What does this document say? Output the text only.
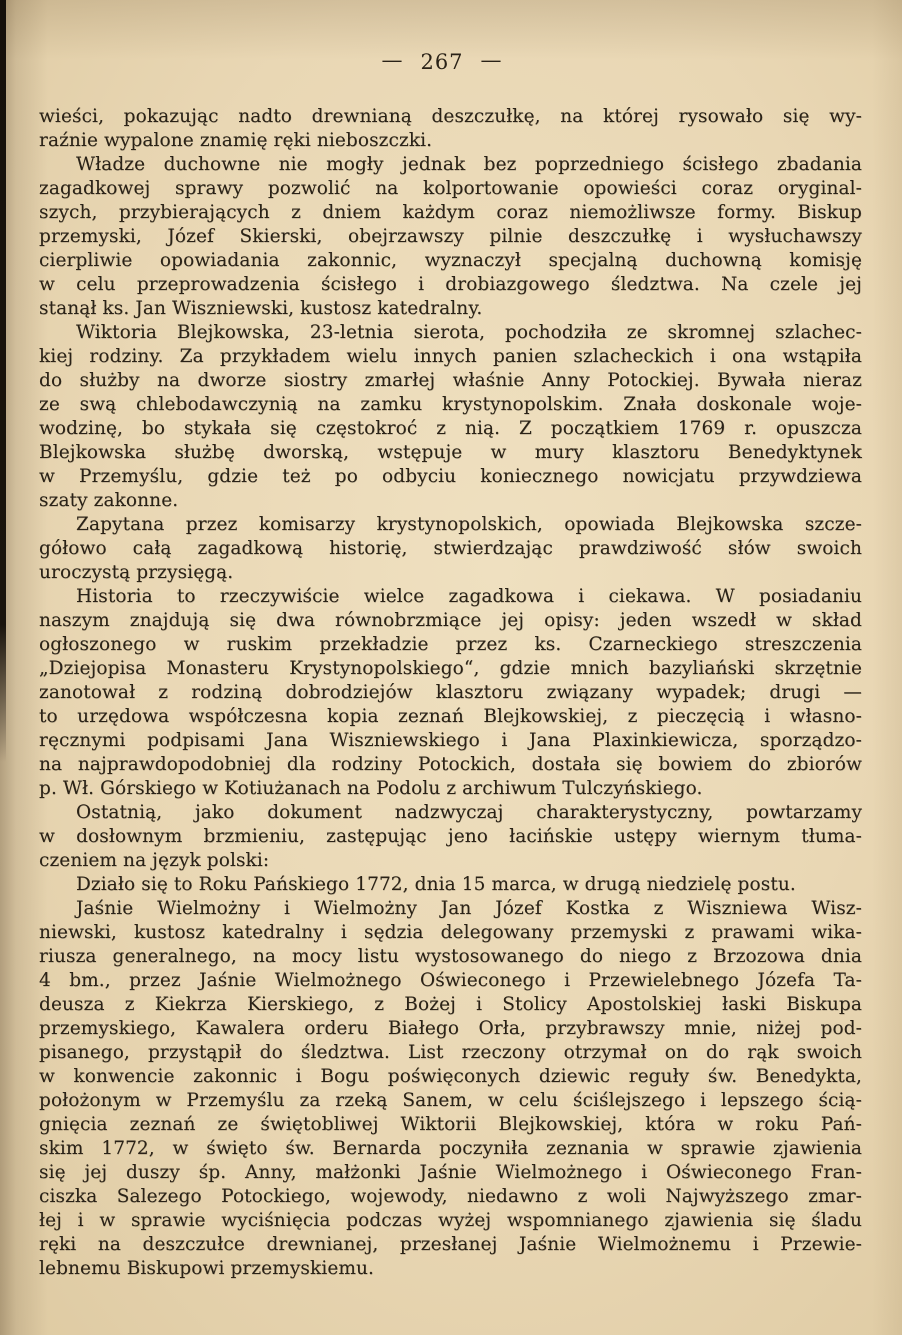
— 267 —
wieści, pokazując nadto drewnianą deszczułkę, na której rysowało się wy-
raźnie wypalone znamię ręki nieboszczki.
Władze duchowne nie mogły jednak bez poprzedniego ścisłego zbadania
zagadkowej sprawy pozwolić na kolportowanie opowieści coraz oryginal-
szych, przybierających z dniem każdym coraz niemożliwsze formy. Biskup
przemyski, Józef Skierski, obejrzawszy pilnie deszczułkę i wysłuchawszy
cierpliwie opowiadania zakonnic, wyznaczył specjalną duchowną komisję
w celu przeprowadzenia ścisłego i drobiazgowego śledztwa. Na czele jej
stanął ks. Jan Wiszniewski, kustosz katedralny.
Wiktoria Blejkowska, 23-letnia sierota, pochodziła ze skromnej szlachec-
kiej rodziny. Za przykładem wielu innych panien szlacheckich i ona wstąpiła
do służby na dworze siostry zmarłej właśnie Anny Potockiej. Bywała nieraz
ze swą chlebodawczynią na zamku krystynopolskim. Znała doskonale woje-
wodzinę, bo stykała się częstokroć z nią. Z początkiem 1769 r. opuszcza
Blejkowska służbę dworską, wstępuje w mury klasztoru Benedyktynek
w Przemyślu, gdzie też po odbyciu koniecznego nowicjatu przywdziewa
szaty zakonne.
Zapytana przez komisarzy krystynopolskich, opowiada Blejkowska szcze-
gółowo całą zagadkową historię, stwierdzając prawdziwość słów swoich
uroczystą przysięgą.
Historia to rzeczywiście wielce zagadkowa i ciekawa. W posiadaniu
naszym znajdują się dwa równobrzmiące jej opisy: jeden wszedł w skład
ogłoszonego w ruskim przekładzie przez ks. Czarneckiego streszczenia
„Dziejopisa Monasteru Krystynopolskiego“, gdzie mnich bazyliański skrzętnie
zanotował z rodziną dobrodziejów klasztoru związany wypadek; drugi —
to urzędowa współczesna kopia zeznań Blejkowskiej, z pieczęcią i własno-
ręcznymi podpisami Jana Wiszniewskiego i Jana Plaxinkiewicza, sporządzo-
na najprawdopodobniej dla rodziny Potockich, dostała się bowiem do zbiorów
p. Wł. Górskiego w Kotiużanach na Podolu z archiwum Tulczyńskiego.
Ostatnią, jako dokument nadzwyczaj charakterystyczny, powtarzamy
w dosłownym brzmieniu, zastępując jeno łacińskie ustępy wiernym tłuma-
czeniem na język polski:
Działo się to Roku Pańskiego 1772, dnia 15 marca, w drugą niedzielę postu.
Jaśnie Wielmożny i Wielmożny Jan Józef Kostka z Wiszniewa Wisz-
niewski, kustosz katedralny i sędzia delegowany przemyski z prawami wika-
riusza generalnego, na mocy listu wystosowanego do niego z Brzozowa dnia
4 bm., przez Jaśnie Wielmożnego Oświeconego i Przewielebnego Józefa Ta-
deusza z Kiekrza Kierskiego, z Bożej i Stolicy Apostolskiej łaski Biskupa
przemyskiego, Kawalera orderu Białego Orła, przybrawszy mnie, niżej pod-
pisanego, przystąpił do śledztwa. List rzeczony otrzymał on do rąk swoich
w konwencie zakonnic i Bogu poświęconych dziewic reguły św. Benedykta,
położonym w Przemyślu za rzeką Sanem, w celu ściślejszego i lepszego ścią-
gnięcia zeznań ze świętobliwej Wiktorii Blejkowskiej, która w roku Pań-
skim 1772, w święto św. Bernarda poczyniła zeznania w sprawie zjawienia
się jej duszy śp. Anny, małżonki Jaśnie Wielmożnego i Oświeconego Fran-
ciszka Salezego Potockiego, wojewody, niedawno z woli Najwyższego zmar-
łej i w sprawie wyciśnięcia podczas wyżej wspomnianego zjawienia się śladu
ręki na deszczułce drewnianej, przesłanej Jaśnie Wielmożnemu i Przewie-
lebnemu Biskupowi przemyskiemu.
